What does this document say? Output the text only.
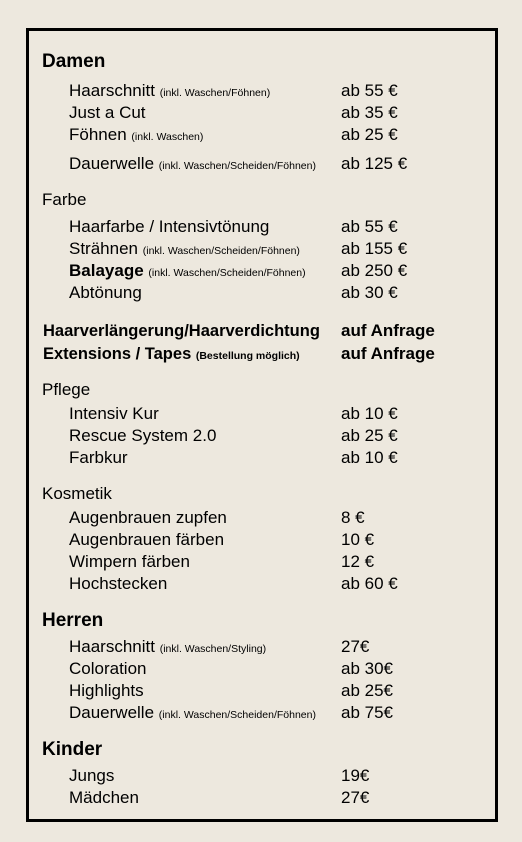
Damen
Haarschnitt (inkl. Waschen/Föhnen)	ab 55 €
Just a Cut	ab 35 €
Föhnen (inkl. Waschen)	ab 25 €
Dauerwelle (inkl. Waschen/Scheiden/Föhnen) ab 125 €
Farbe
Haarfarbe / Intensivtönung	ab 55 €
Strähnen (inkl. Waschen/Scheiden/Föhnen) ab 155 €
Balayage (inkl. Waschen/Scheiden/Föhnen) ab 250 €
Abtönung	ab 30 €
Haarverlängerung/Haarverdichtung auf Anfrage
Extensions / Tapes (Bestellung möglich) auf Anfrage
Pflege
Intensiv Kur	ab 10 €
Rescue System 2.0	ab 25 €
Farbkur	ab 10 €
Kosmetik
Augenbrauen zupfen	8 €
Augenbrauen färben	10 €
Wimpern färben	12 €
Hochstecken	ab 60 €
Herren
Haarschnitt (inkl. Waschen/Styling)	27€
Coloration	ab 30€
Highlights	ab 25€
Dauerwelle (inkl. Waschen/Scheiden/Föhnen) ab 75€
Kinder
Jungs	19€
Mädchen	27€
